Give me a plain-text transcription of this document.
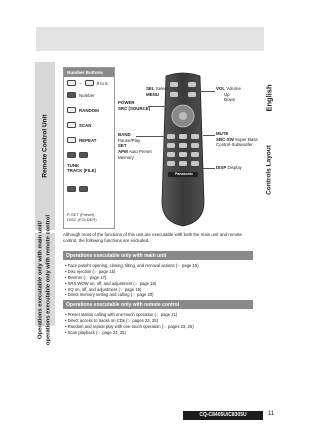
Remote Control Unit
Operations executable only with main unit/ operations executable only with remote control
English
Controls Layout
Number Buttons
−	8 to 6
Number
RANDOM
SCAN
REPEAT
TUNE
TRACK (FILE)
P-SET (Preset)
DISC (FOLDER)
Panasonic
SEL Select
MENU
POWER
SRC (SOURCE)
BAND
Pause/Play
SET
APM Auto Preset
Memory
VOL Volume
Up
Down
MUTE
SBC-SW Super Bass
Control-Subwoofer
DISP Display
Although most of the functions of this unit are executable with both the main unit and remote control, the following functions are excluded.
Operations executable only with main unit
• Face panel's opening, closing, tilting, and removal actions (☞ page 15)
• Disc ejection (☞ page 15)
• Dimmer (☞ page 17)
• SRS WOW on, off, and adjustment (☞ page 18)
• SQ on, off, and adjustment (☞ page 19)
• Direct memory setting and calling (☞ page 20)
Operations executable only with remote control
• Preset station calling with one-touch operation (☞ page 21)
• Direct access to tracks on CDs (☞ pages 23, 25)
• Random and repeat play with one-touch operation (☞ pages 23, 25)
• Scan playback (☞ page 23, 25)
CQ-C8405U/C8305U	11
